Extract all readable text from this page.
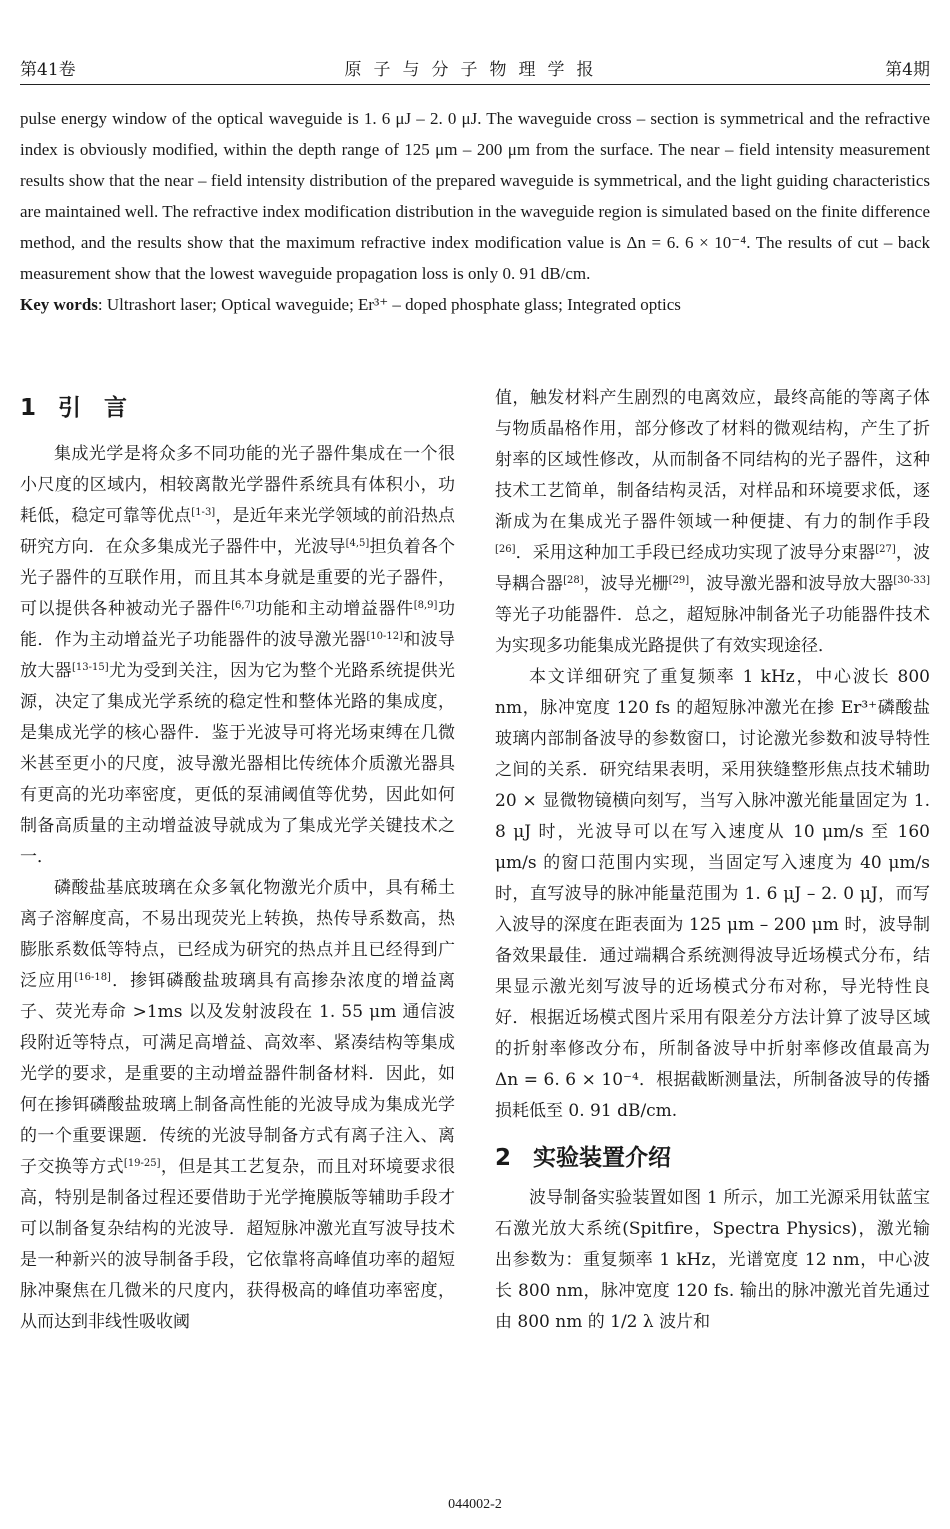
第41卷	原子与分子物理学报	第4期

pulse energy window of the optical waveguide is 1. 6 μJ – 2. 0 μJ. The waveguide cross – section is symmetrical and the refractive index is obviously modified, within the depth range of 125 μm – 200 μm from the surface. The near – field intensity measurement results show that the near – field intensity distribution of the prepared waveguide is symmetrical, and the light guiding characteristics are maintained well. The refractive index modification distribution in the waveguide region is simulated based on the finite difference method, and the results show that the maximum refractive index modification value is Δn = 6. 6 × 10⁻⁴. The results of cut – back measurement show that the lowest waveguide propagation loss is only 0. 91 dB/cm.

Key words: Ultrashort laser; Optical waveguide; Er³⁺ – doped phosphate glass; Integrated optics

1 引　言

集成光学是将众多不同功能的光子器件集成在一个很小尺度的区域内，相较离散光学器件系统具有体积小，功耗低，稳定可靠等优点[1-3]，是近年来光学领域的前沿热点研究方向．在众多集成光子器件中，光波导[4,5]担负着各个光子器件的互联作用，而且其本身就是重要的光子器件，可以提供各种被动光子器件[6,7]功能和主动增益器件[8,9]功能．作为主动增益光子功能器件的波导激光器[10-12]和波导放大器[13-15]尤为受到关注，因为它为整个光路系统提供光源，决定了集成光学系统的稳定性和整体光路的集成度，是集成光学的核心器件．鉴于光波导可将光场束缚在几微米甚至更小的尺度，波导激光器相比传统体介质激光器具有更高的光功率密度，更低的泵浦阈值等优势，因此如何制备高质量的主动增益波导就成为了集成光学关键技术之一．

磷酸盐基底玻璃在众多氧化物激光介质中，具有稀土离子溶解度高，不易出现荧光上转换，热传导系数高，热膨胀系数低等特点，已经成为研究的热点并且已经得到广泛应用[16-18]．掺铒磷酸盐玻璃具有高掺杂浓度的增益离子、荧光寿命 >1ms 以及发射波段在 1. 55 μm 通信波段附近等特点，可满足高增益、高效率、紧凑结构等集成光学的要求，是重要的主动增益器件制备材料．因此，如何在掺铒磷酸盐玻璃上制备高性能的光波导成为集成光学的一个重要课题．传统的光波导制备方式有离子注入、离子交换等方式[19-25]，但是其工艺复杂，而且对环境要求很高，特别是制备过程还要借助于光学掩膜版等辅助手段才可以制备复杂结构的光波导．超短脉冲激光直写波导技术是一种新兴的波导制备手段，它依靠将高峰值功率的超短脉冲聚焦在几微米的尺度内，获得极高的峰值功率密度，从而达到非线性吸收阈

值，触发材料产生剧烈的电离效应，最终高能的等离子体与物质晶格作用，部分修改了材料的微观结构，产生了折射率的区域性修改，从而制备不同结构的光子器件，这种技术工艺简单，制备结构灵活，对样品和环境要求低，逐渐成为在集成光子器件领域一种便捷、有力的制作手段[26]．采用这种加工手段已经成功实现了波导分束器[27]，波导耦合器[28]，波导光栅[29]，波导激光器和波导放大器[30-33]等光子功能器件．总之，超短脉冲制备光子功能器件技术为实现多功能集成光路提供了有效实现途径．

本文详细研究了重复频率 1 kHz，中心波长 800 nm，脉冲宽度 120 fs 的超短脉冲激光在掺 Er³⁺磷酸盐玻璃内部制备波导的参数窗口，讨论激光参数和波导特性之间的关系．研究结果表明，采用狭缝整形焦点技术辅助 20 × 显微物镜横向刻写，当写入脉冲激光能量固定为 1. 8 μJ 时，光波导可以在写入速度从 10 μm/s 至 160 μm/s 的窗口范围内实现，当固定写入速度为 40 μm/s 时，直写波导的脉冲能量范围为 1. 6 μJ – 2. 0 μJ，而写入波导的深度在距表面为 125 μm – 200 μm 时，波导制备效果最佳．通过端耦合系统测得波导近场模式分布，结果显示激光刻写波导的近场模式分布对称，导光特性良好．根据近场模式图片采用有限差分方法计算了波导区域的折射率修改分布，所制备波导中折射率修改值最高为 Δn = 6. 6 × 10⁻⁴．根据截断测量法，所制备波导的传播损耗低至 0. 91 dB/cm.

2 实验装置介绍

波导制备实验装置如图 1 所示，加工光源采用钛蓝宝石激光放大系统(Spitfire，Spectra Physics)，激光输出参数为：重复频率 1 kHz，光谱宽度 12 nm，中心波长 800 nm，脉冲宽度 120 fs. 输出的脉冲激光首先通过由 800 nm 的 1/2 λ 波片和

044002-2
